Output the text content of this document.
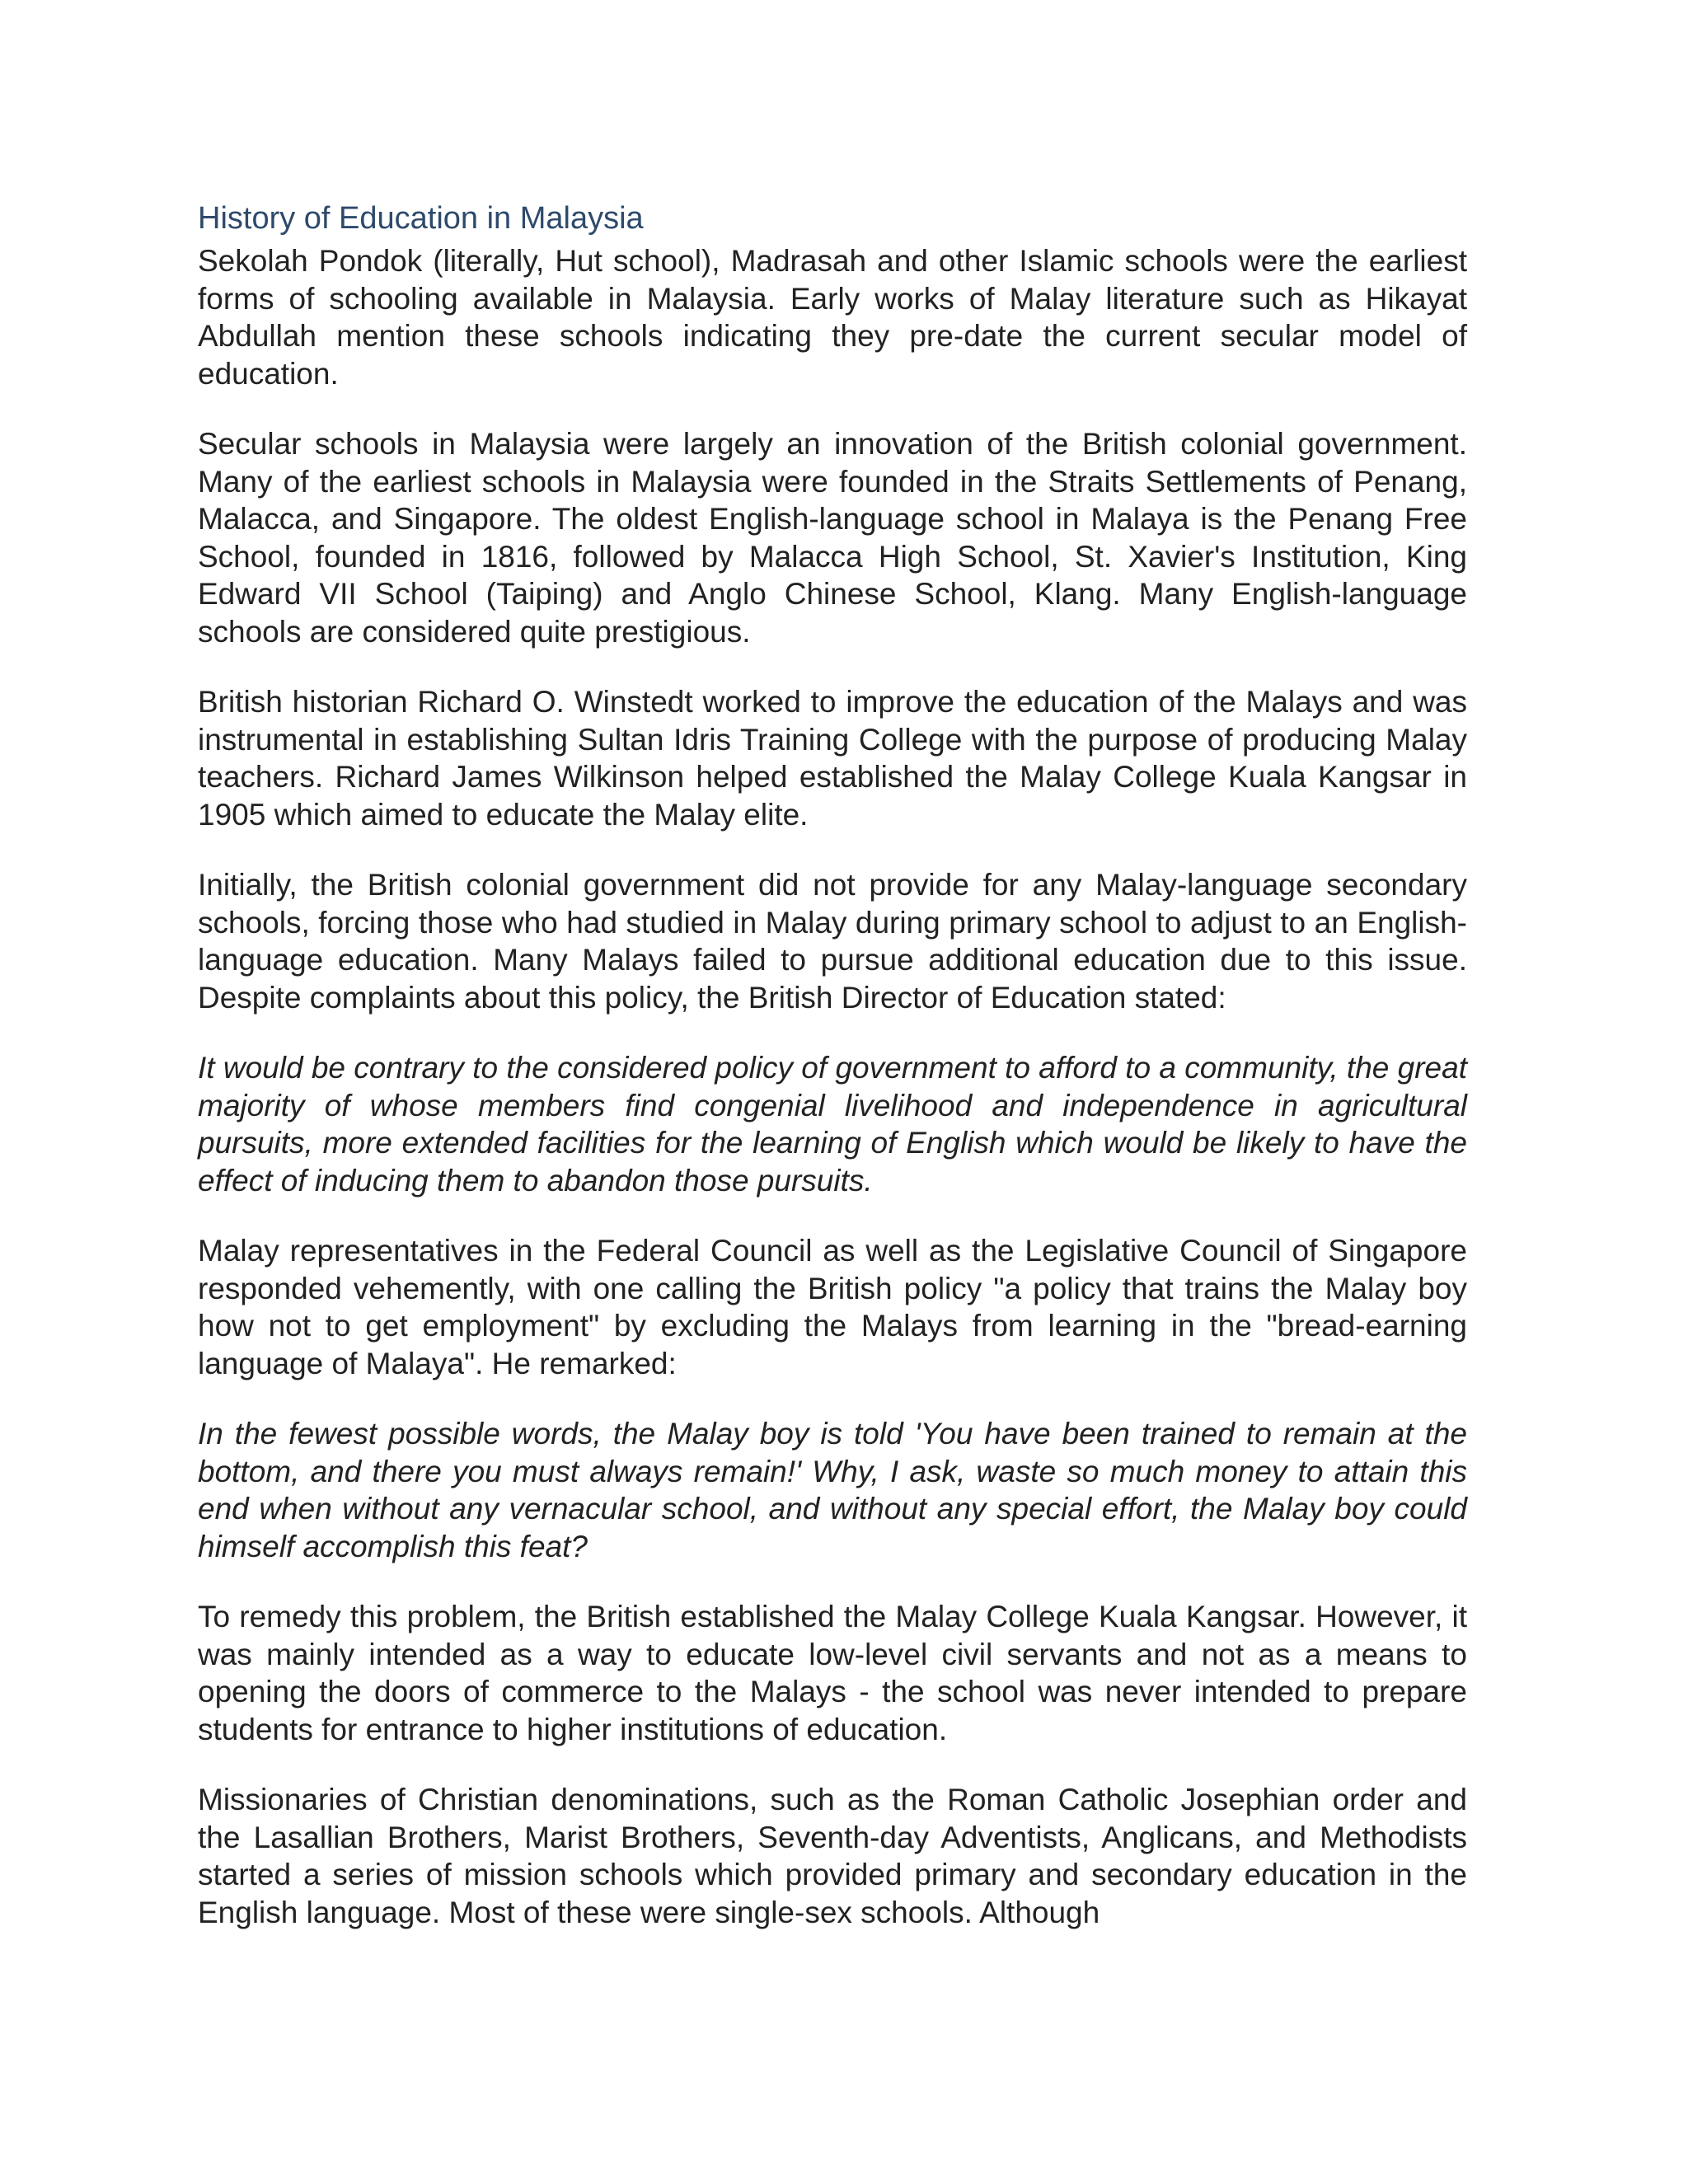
History of Education in Malaysia

Sekolah Pondok (literally, Hut school), Madrasah and other Islamic schools were the earliest forms of schooling available in Malaysia. Early works of Malay literature such as Hikayat Abdullah mention these schools indicating they pre-date the current secular model of education.

Secular schools in Malaysia were largely an innovation of the British colonial government. Many of the earliest schools in Malaysia were founded in the Straits Settlements of Penang, Malacca, and Singapore. The oldest English-language school in Malaya is the Penang Free School, founded in 1816, followed by Malacca High School, St. Xavier's Institution, King Edward VII School (Taiping) and Anglo Chinese School, Klang. Many English-language schools are considered quite prestigious.

British historian Richard O. Winstedt worked to improve the education of the Malays and was instrumental in establishing Sultan Idris Training College with the purpose of producing Malay teachers. Richard James Wilkinson helped established the Malay College Kuala Kangsar in 1905 which aimed to educate the Malay elite.

Initially, the British colonial government did not provide for any Malay-language secondary schools, forcing those who had studied in Malay during primary school to adjust to an English-language education. Many Malays failed to pursue additional education due to this issue. Despite complaints about this policy, the British Director of Education stated:

It would be contrary to the considered policy of government to afford to a community, the great majority of whose members find congenial livelihood and independence in agricultural pursuits, more extended facilities for the learning of English which would be likely to have the effect of inducing them to abandon those pursuits.

Malay representatives in the Federal Council as well as the Legislative Council of Singapore responded vehemently, with one calling the British policy "a policy that trains the Malay boy how not to get employment" by excluding the Malays from learning in the "bread-earning language of Malaya". He remarked:

In the fewest possible words, the Malay boy is told 'You have been trained to remain at the bottom, and there you must always remain!' Why, I ask, waste so much money to attain this end when without any vernacular school, and without any special effort, the Malay boy could himself accomplish this feat?

To remedy this problem, the British established the Malay College Kuala Kangsar. However, it was mainly intended as a way to educate low-level civil servants and not as a means to opening the doors of commerce to the Malays - the school was never intended to prepare students for entrance to higher institutions of education.

Missionaries of Christian denominations, such as the Roman Catholic Josephian order and the Lasallian Brothers, Marist Brothers, Seventh-day Adventists, Anglicans, and Methodists started a series of mission schools which provided primary and secondary education in the English language. Most of these were single-sex schools. Although
